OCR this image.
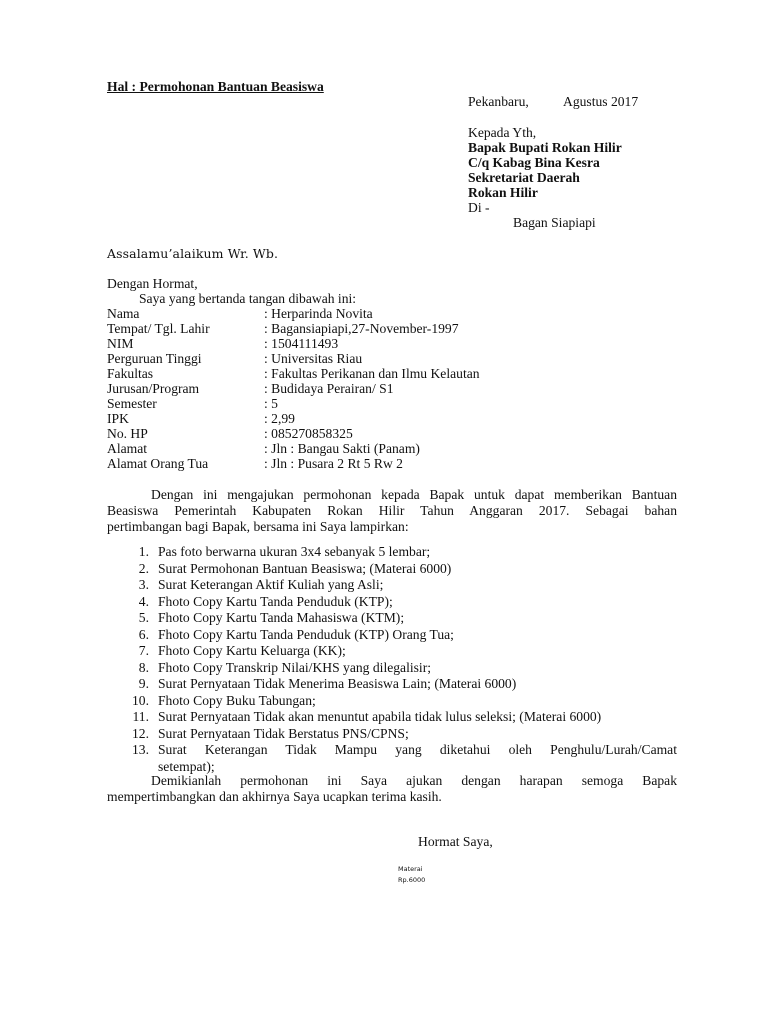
Hal : Permohonan Bantuan Beasiswa
Pekanbaru,	Agustus 2017
Kepada Yth,
Bapak Bupati Rokan Hilir
C/q Kabag Bina Kesra
Sekretariat Daerah
Rokan Hilir
Di -
Bagan Siapiapi
Assalamu’alaikum Wr. Wb.
Dengan Hormat,
Saya yang bertanda tangan dibawah ini:
Nama	: Herparinda Novita
Tempat/ Tgl. Lahir	: Bagansiapiapi,27-November-1997
NIM	: 1504111493
Perguruan Tinggi	: Universitas Riau
Fakultas	: Fakultas Perikanan dan Ilmu Kelautan
Jurusan/Program	: Budidaya Perairan/ S1
Semester	: 5
IPK	: 2,99
No. HP	: 085270858325
Alamat	: Jln : Bangau Sakti (Panam)
Alamat Orang Tua	: Jln : Pusara 2 Rt 5 Rw 2
Dengan ini mengajukan permohonan kepada Bapak untuk dapat memberikan Bantuan
Beasiswa Pemerintah Kabupaten Rokan Hilir Tahun Anggaran 2017. Sebagai bahan
pertimbangan bagi Bapak, bersama ini Saya lampirkan:
1. Pas foto berwarna ukuran 3x4 sebanyak 5 lembar;
2. Surat Permohonan Bantuan Beasiswa; (Materai 6000)
3. Surat Keterangan Aktif Kuliah yang Asli;
4. Fhoto Copy Kartu Tanda Penduduk (KTP);
5. Fhoto Copy Kartu Tanda Mahasiswa (KTM);
6. Fhoto Copy Kartu Tanda Penduduk (KTP) Orang Tua;
7. Fhoto Copy Kartu Keluarga (KK);
8. Fhoto Copy Transkrip Nilai/KHS yang dilegalisir;
9. Surat Pernyataan Tidak Menerima Beasiswa Lain; (Materai 6000)
10. Fhoto Copy Buku Tabungan;
11. Surat Pernyataan Tidak akan menuntut apabila tidak lulus seleksi; (Materai 6000)
12. Surat Pernyataan Tidak Berstatus PNS/CPNS;
13. Surat Keterangan Tidak Mampu yang diketahui oleh Penghulu/Lurah/Camat
setempat);
Demikianlah permohonan ini Saya ajukan dengan harapan semoga Bapak
mempertimbangkan dan akhirnya Saya ucapkan terima kasih.
Hormat Saya,
Materai
Rp.6000
